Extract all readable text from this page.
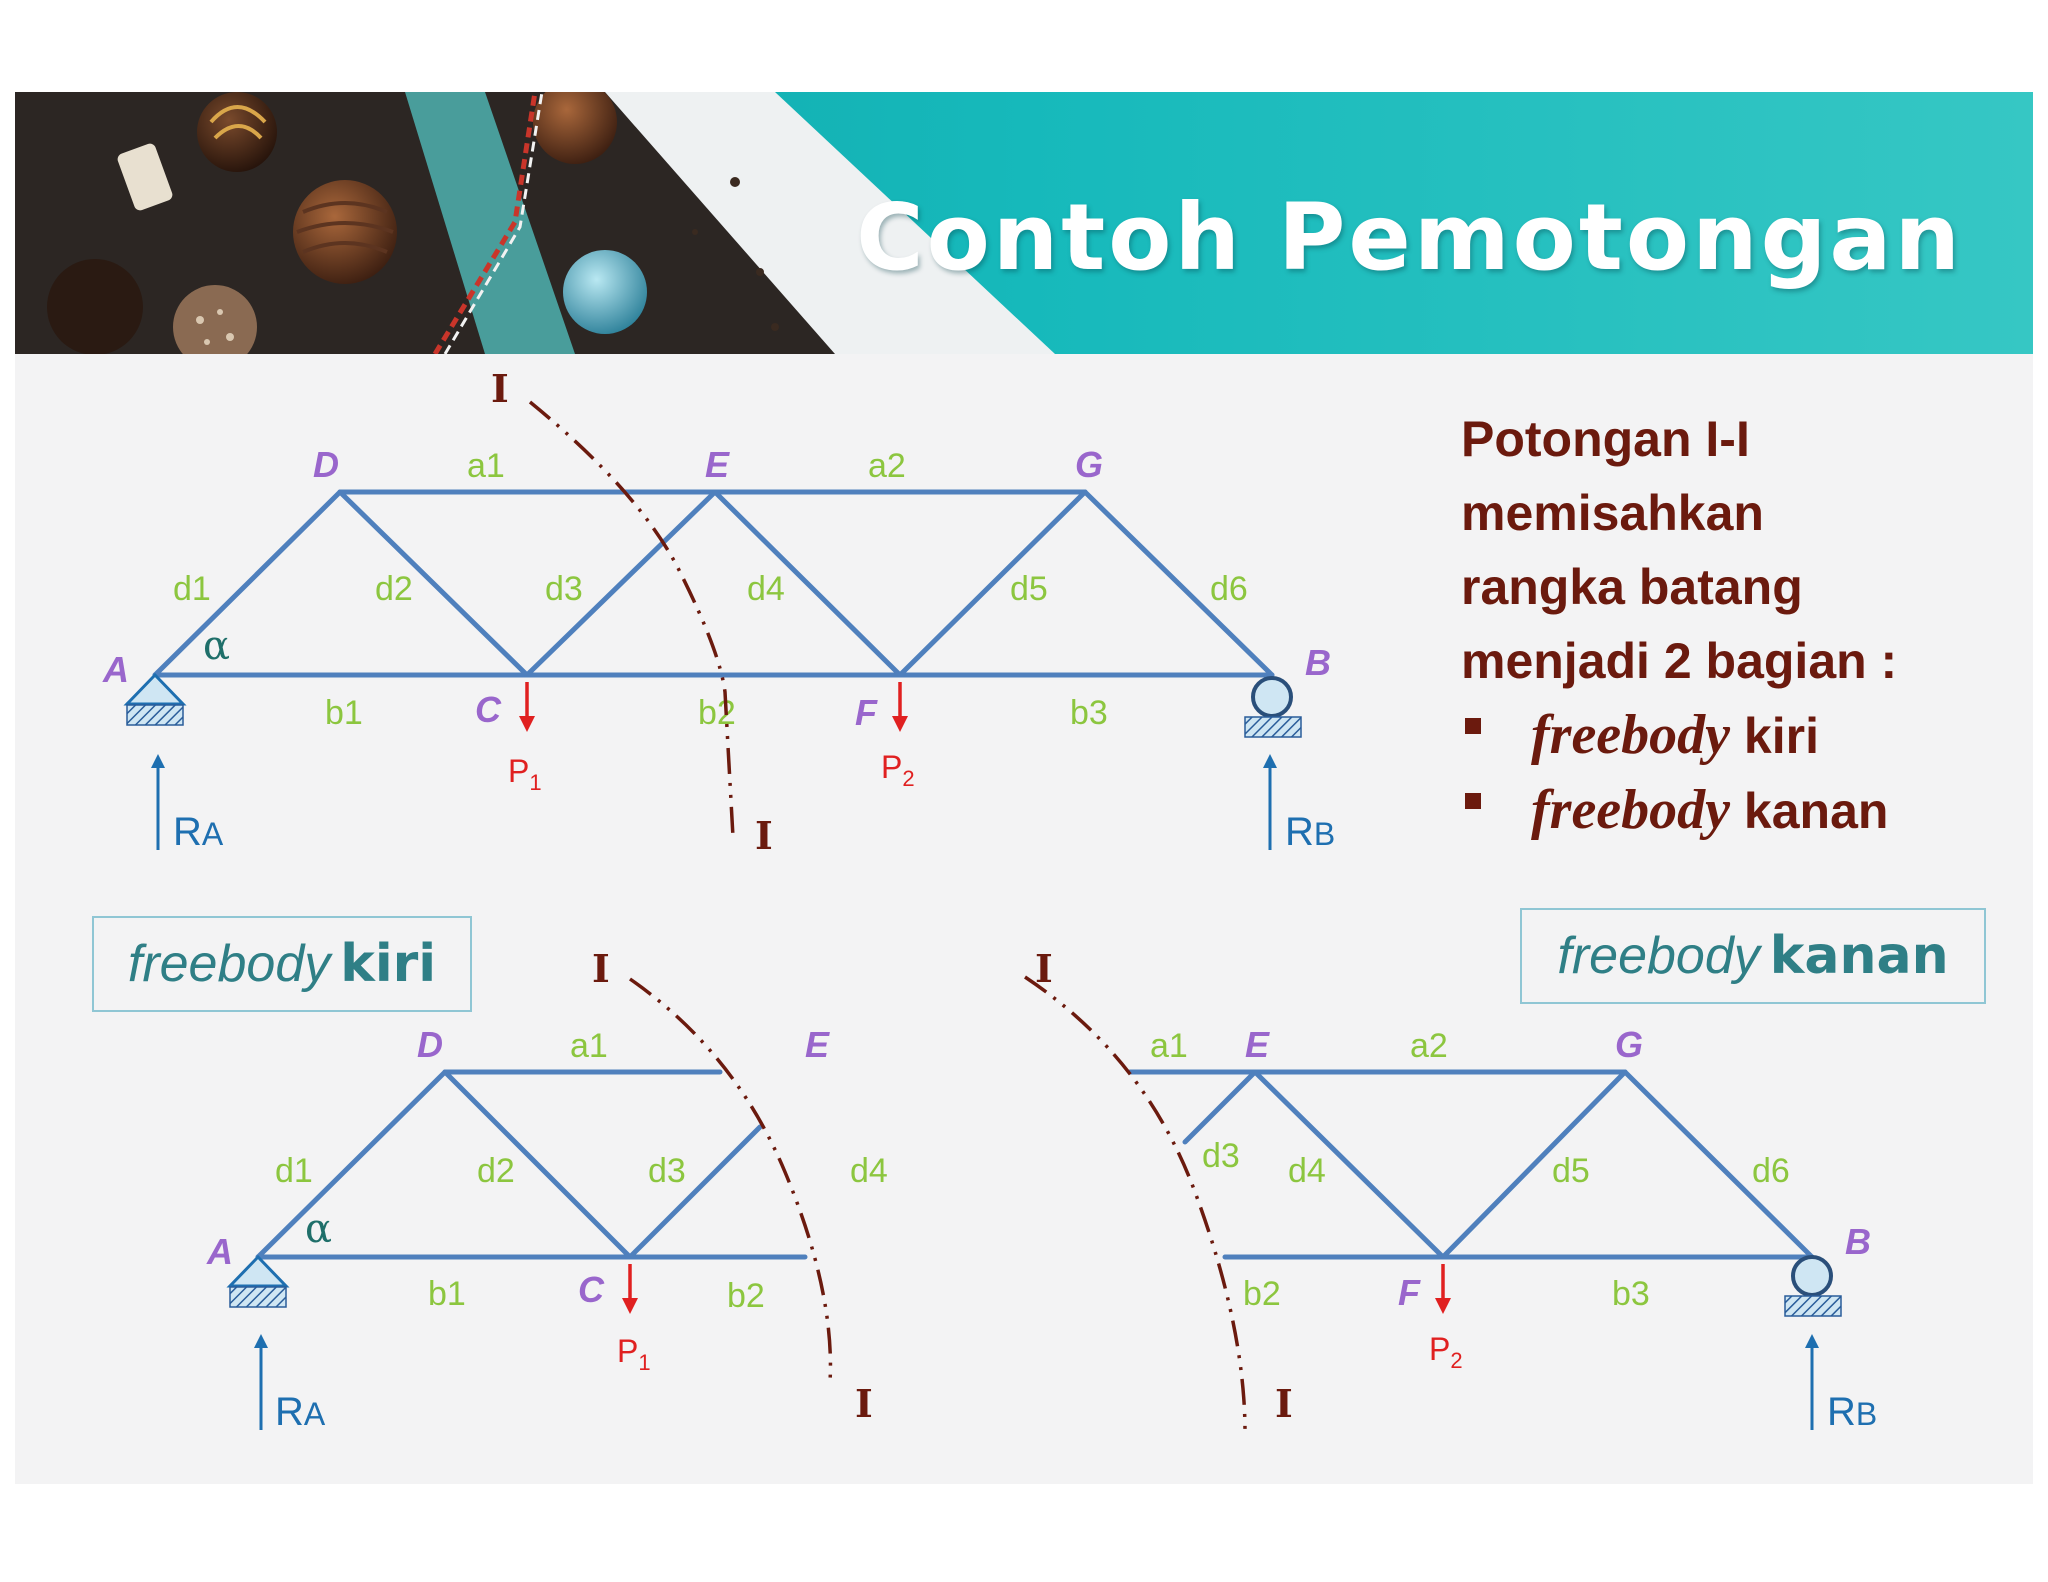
Contoh Pemotongan
A
D	E	G
C	F
B
a1	a2
d1	d2	d3	d4	d5	d6
b1	b2	b3
α
I
I
$P_1$	$P_2$
RA	RB
A
D	E
C
a1
d1	d2	d3	d4
b1	b2
α
I
I
$P_1$
RA
E	G
F
B
a1	a2
d3 d4	d5	d6
b2	b3
I
I
$P_2$
RB
Potongan I-I
memisahkan
rangka batang
menjadi 2 bagian :
freebody kiri
freebody kanan
freebody kiri	freebody kanan
